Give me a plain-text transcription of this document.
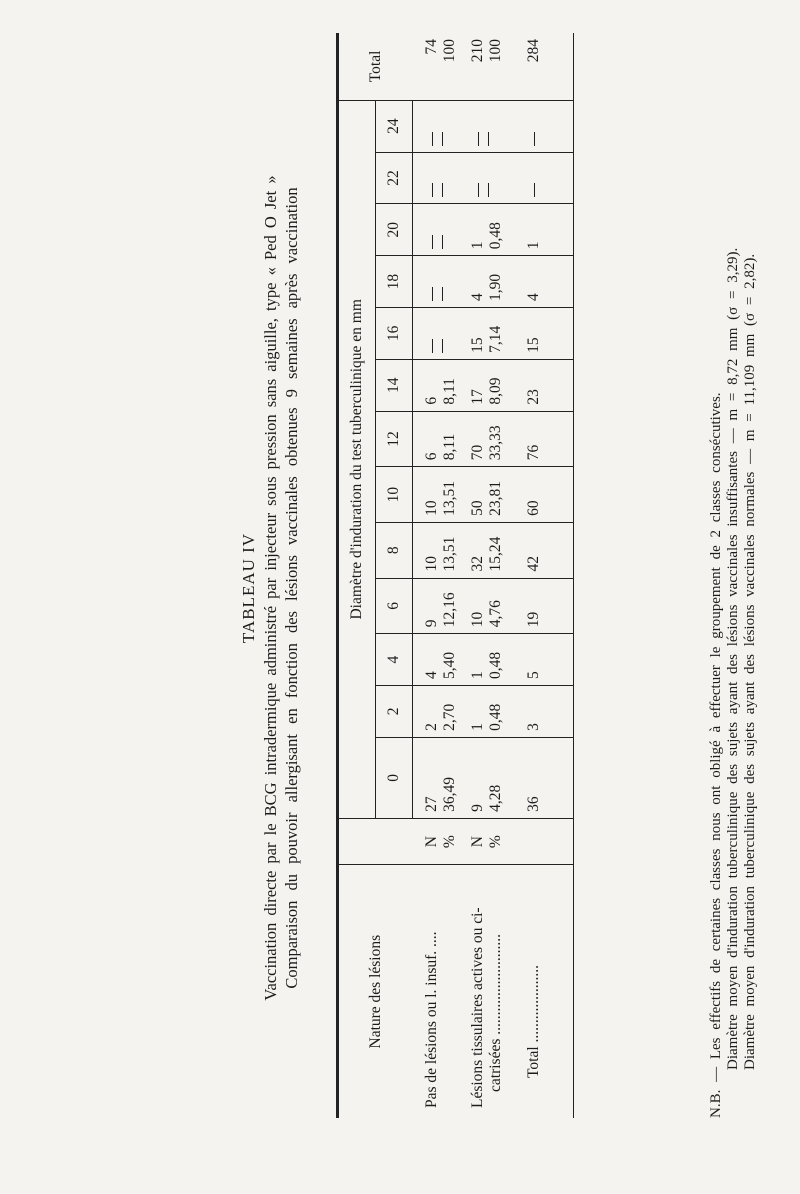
TABLEAU IV Vaccination directe par le BCG intradermique administré par injecteur sous pression sans aiguille, type « Ped O Jet » Comparaison du pouvoir allergisant en fonction des lésions vaccinales obtenues 9 semaines après vaccination
Nature des lésions		Diamètre d'induration du test tuberculinique en mm													Total
		0	2	4	6	8	10	12	14	16	18	20	22	24	
Pas de lésions ou l. insuf. ....	N %	27 36,49	2 2,70	4 5,40	9 12,16	10 13,51	10 13,51	6 8,11	6 8,11						74 100

Lésions tissulaires actives ou ci- catrisées ..........................	N %	9 4,28	1 0,48	1 0,48	10 4,76	32 15,24	50 23,81	70 33,33	17 8,09	15 7,14	4 1,90	1 0,48			210 100

Total ....................		36	3	5	19	42	60	76	23	15	4	1			284
N.B. — Les effectifs de certaines classes nous ont obligé à effectuer le groupement de 2 classes consécutives. Diamètre moyen d'induration tuberculinique des sujets ayant des lésions vaccinales insuffisantes — m = 8,72 mm (σ = 3,29). Diamètre moyen d'induration tuberculinique des sujets ayant des lésions vaccinales normales — m = 11,109 mm (σ = 2,82).
